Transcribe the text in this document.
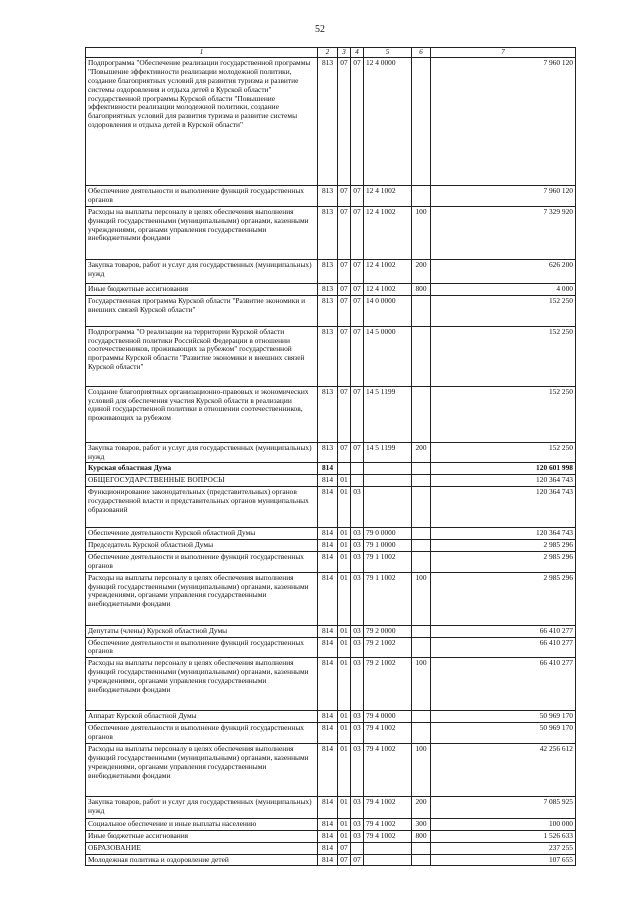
52
1	2	3	4	5	6	7
Подпрограмма "Обеспечение реализации государственной программы "Повышение эффективности реализации молодежной политики, создание благоприятных условий для развития туризма и развитие системы оздоровления и отдыха детей в Курской области" государственной программы Курской области "Повышение эффективности реализации молодежной политики, создание благоприятных условий для развития туризма и развитие системы оздоровления и отдыха детей в Курской области"	813	07	07	12 4 0000		7 960 120
Обеспечение деятельности и выполнение функций государственных органов	813	07	07	12 4 1002		7 960 120
Расходы на выплаты персоналу в целях обеспечения выполнения функций государственными (муниципальными) органами, казенными учреждениями, органами управления государственными внебюджетными фондами	813	07	07	12 4 1002	100	7 329 920
Закупка товаров, работ и услуг для государственных (муниципальных) нужд	813	07	07	12 4 1002	200	626 200
Иные бюджетные ассигнования	813	07	07	12 4 1002	800	4 000
Государственная программа Курской области "Развитие экономики и внешних связей Курской области"	813	07	07	14 0 0000		152 250
Подпрограмма "О реализации на территории Курской области государственной политики Российской Федерации в отношении соотечественников, проживающих за рубежом" государственной программы Курской области "Развитие экономики и внешних связей Курской области"	813	07	07	14 5 0000		152 250
Создание благоприятных организационно-правовых и экономических условий для обеспечения участия Курской области в реализации единой государственной политики в отношении соотечественников, проживающих за рубежом	813	07	07	14 5 1199		152 250
Закупка товаров, работ и услуг для государственных (муниципальных) нужд	813	07	07	14 5 1199	200	152 250
Курская областная Дума	814					120 601 998
ОБЩЕГОСУДАРСТВЕННЫЕ ВОПРОСЫ	814	01				120 364 743
Функционирование законодательных (представительных) органов государственной власти и представительных органов муниципальных образований	814	01	03			120 364 743
Обеспечение деятельности Курской областной Думы	814	01	03	79 0 0000		120 364 743
Председатель Курской областной Думы	814	01	03	79 1 0000		2 985 296
Обеспечение деятельности и выполнение функций государственных органов	814	01	03	79 1 1002		2 985 296
Расходы на выплаты персоналу в целях обеспечения выполнения функций государственными (муниципальными) органами, казенными учреждениями, органами управления государственными внебюджетными фондами	814	01	03	79 1 1002	100	2 985 296
Депутаты (члены) Курской областной Думы	814	01	03	79 2 0000		66 410 277
Обеспечение деятельности и выполнение функций государственных органов	814	01	03	79 2 1002		66 410 277
Расходы на выплаты персоналу в целях обеспечения выполнения функций государственными (муниципальными) органами, казенными учреждениями, органами управления государственными внебюджетными фондами	814	01	03	79 2 1002	100	66 410 277
Аппарат Курской областной Думы	814	01	03	79 4 0000		50 969 170
Обеспечение деятельности и выполнение функций государственных органов	814	01	03	79 4 1002		50 969 170
Расходы на выплаты персоналу в целях обеспечения выполнения функций государственными (муниципальными) органами, казенными учреждениями, органами управления государственными внебюджетными фондами	814	01	03	79 4 1002	100	42 256 612
Закупка товаров, работ и услуг для государственных (муниципальных) нужд	814	01	03	79 4 1002	200	7 085 925
Социальное обеспечение и иные выплаты населению	814	01	03	79 4 1002	300	100 000
Иные бюджетные ассигнования	814	01	03	79 4 1002	800	1 526 633
ОБРАЗОВАНИЕ	814	07				237 255
Молодежная политика и оздоровление детей	814	07	07			107 655
